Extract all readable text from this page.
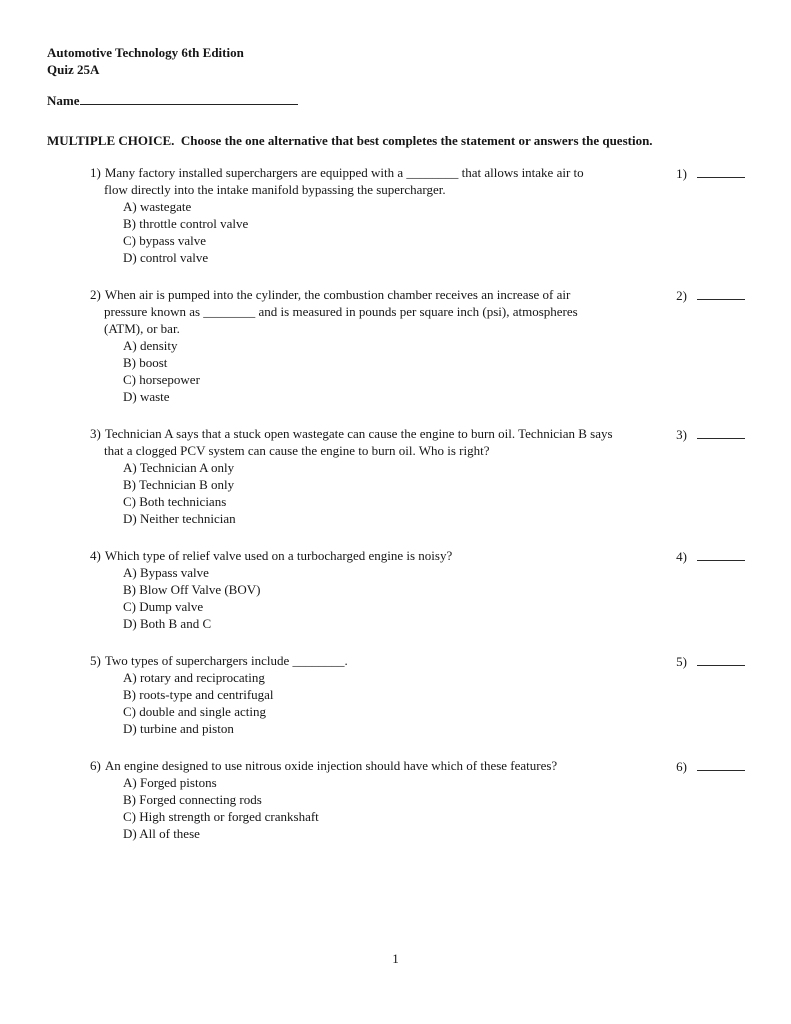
Automotive Technology 6th Edition
Quiz 25A
Name
MULTIPLE CHOICE.  Choose the one alternative that best completes the statement or answers the question.
1) Many factory installed superchargers are equipped with a ________ that allows intake air to
flow directly into the intake manifold bypassing the supercharger.
A) wastegate
B) throttle control valve
C) bypass valve
D) control valve
1)
2) When air is pumped into the cylinder, the combustion chamber receives an increase of air
pressure known as ________ and is measured in pounds per square inch (psi), atmospheres
(ATM), or bar.
A) density
B) boost
C) horsepower
D) waste
2)
3) Technician A says that a stuck open wastegate can cause the engine to burn oil. Technician B says
that a clogged PCV system can cause the engine to burn oil. Who is right?
A) Technician A only
B) Technician B only
C) Both technicians
D) Neither technician
3)
4) Which type of relief valve used on a turbocharged engine is noisy?
A) Bypass valve
B) Blow Off Valve (BOV)
C) Dump valve
D) Both B and C
4)
5) Two types of superchargers include ________.
A) rotary and reciprocating
B) roots-type and centrifugal
C) double and single acting
D) turbine and piston
5)
6) An engine designed to use nitrous oxide injection should have which of these features?
A) Forged pistons
B) Forged connecting rods
C) High strength or forged crankshaft
D) All of these
6)
1
